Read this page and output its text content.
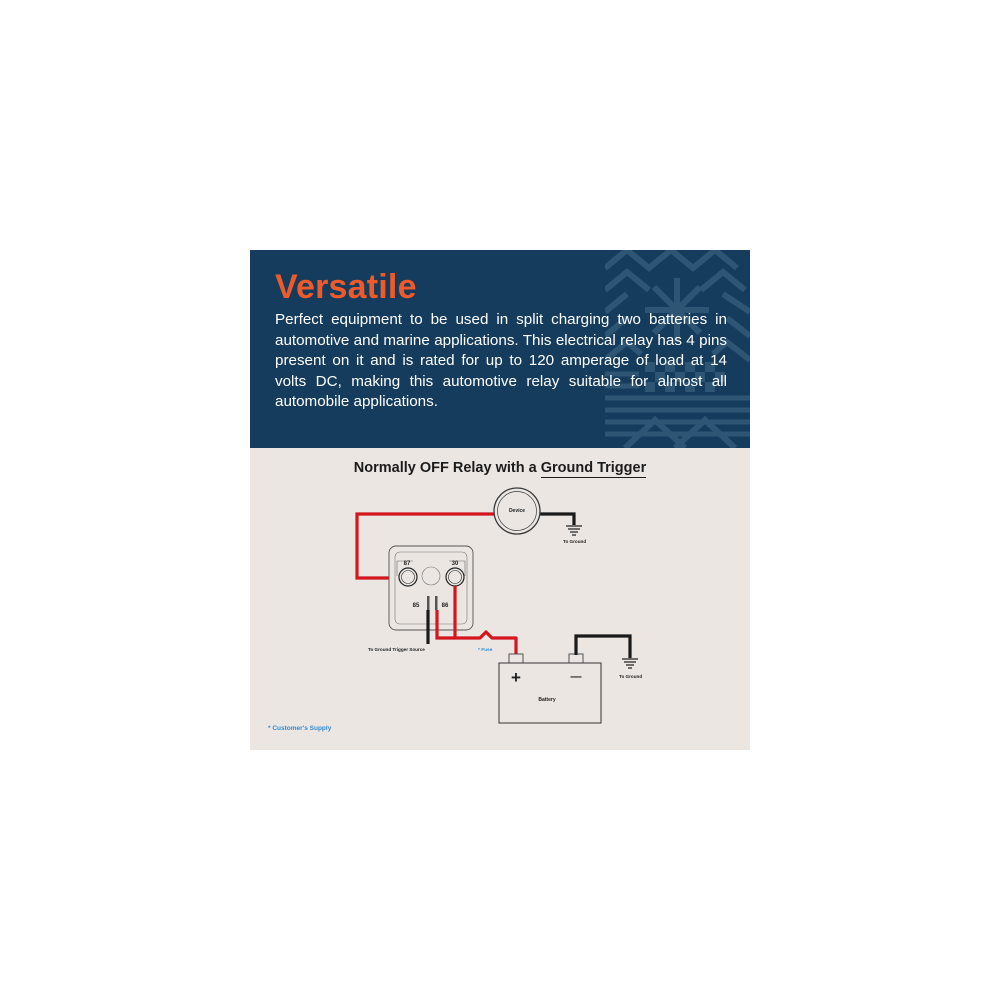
Versatile

Perfect equipment to be used in split charging two batteries in automotive and marine applications. This electrical relay has 4 pins present on it and is rated for up to 120 amperage of load at 14 volts DC, making this automotive relay suitable for almost all automobile applications.

Normally OFF Relay with a Ground Trigger

To Ground
Device
87	30
85	86
To Ground Trigger Source	* Fuse
+	—
Battery
To Ground

* Customer's Supply
